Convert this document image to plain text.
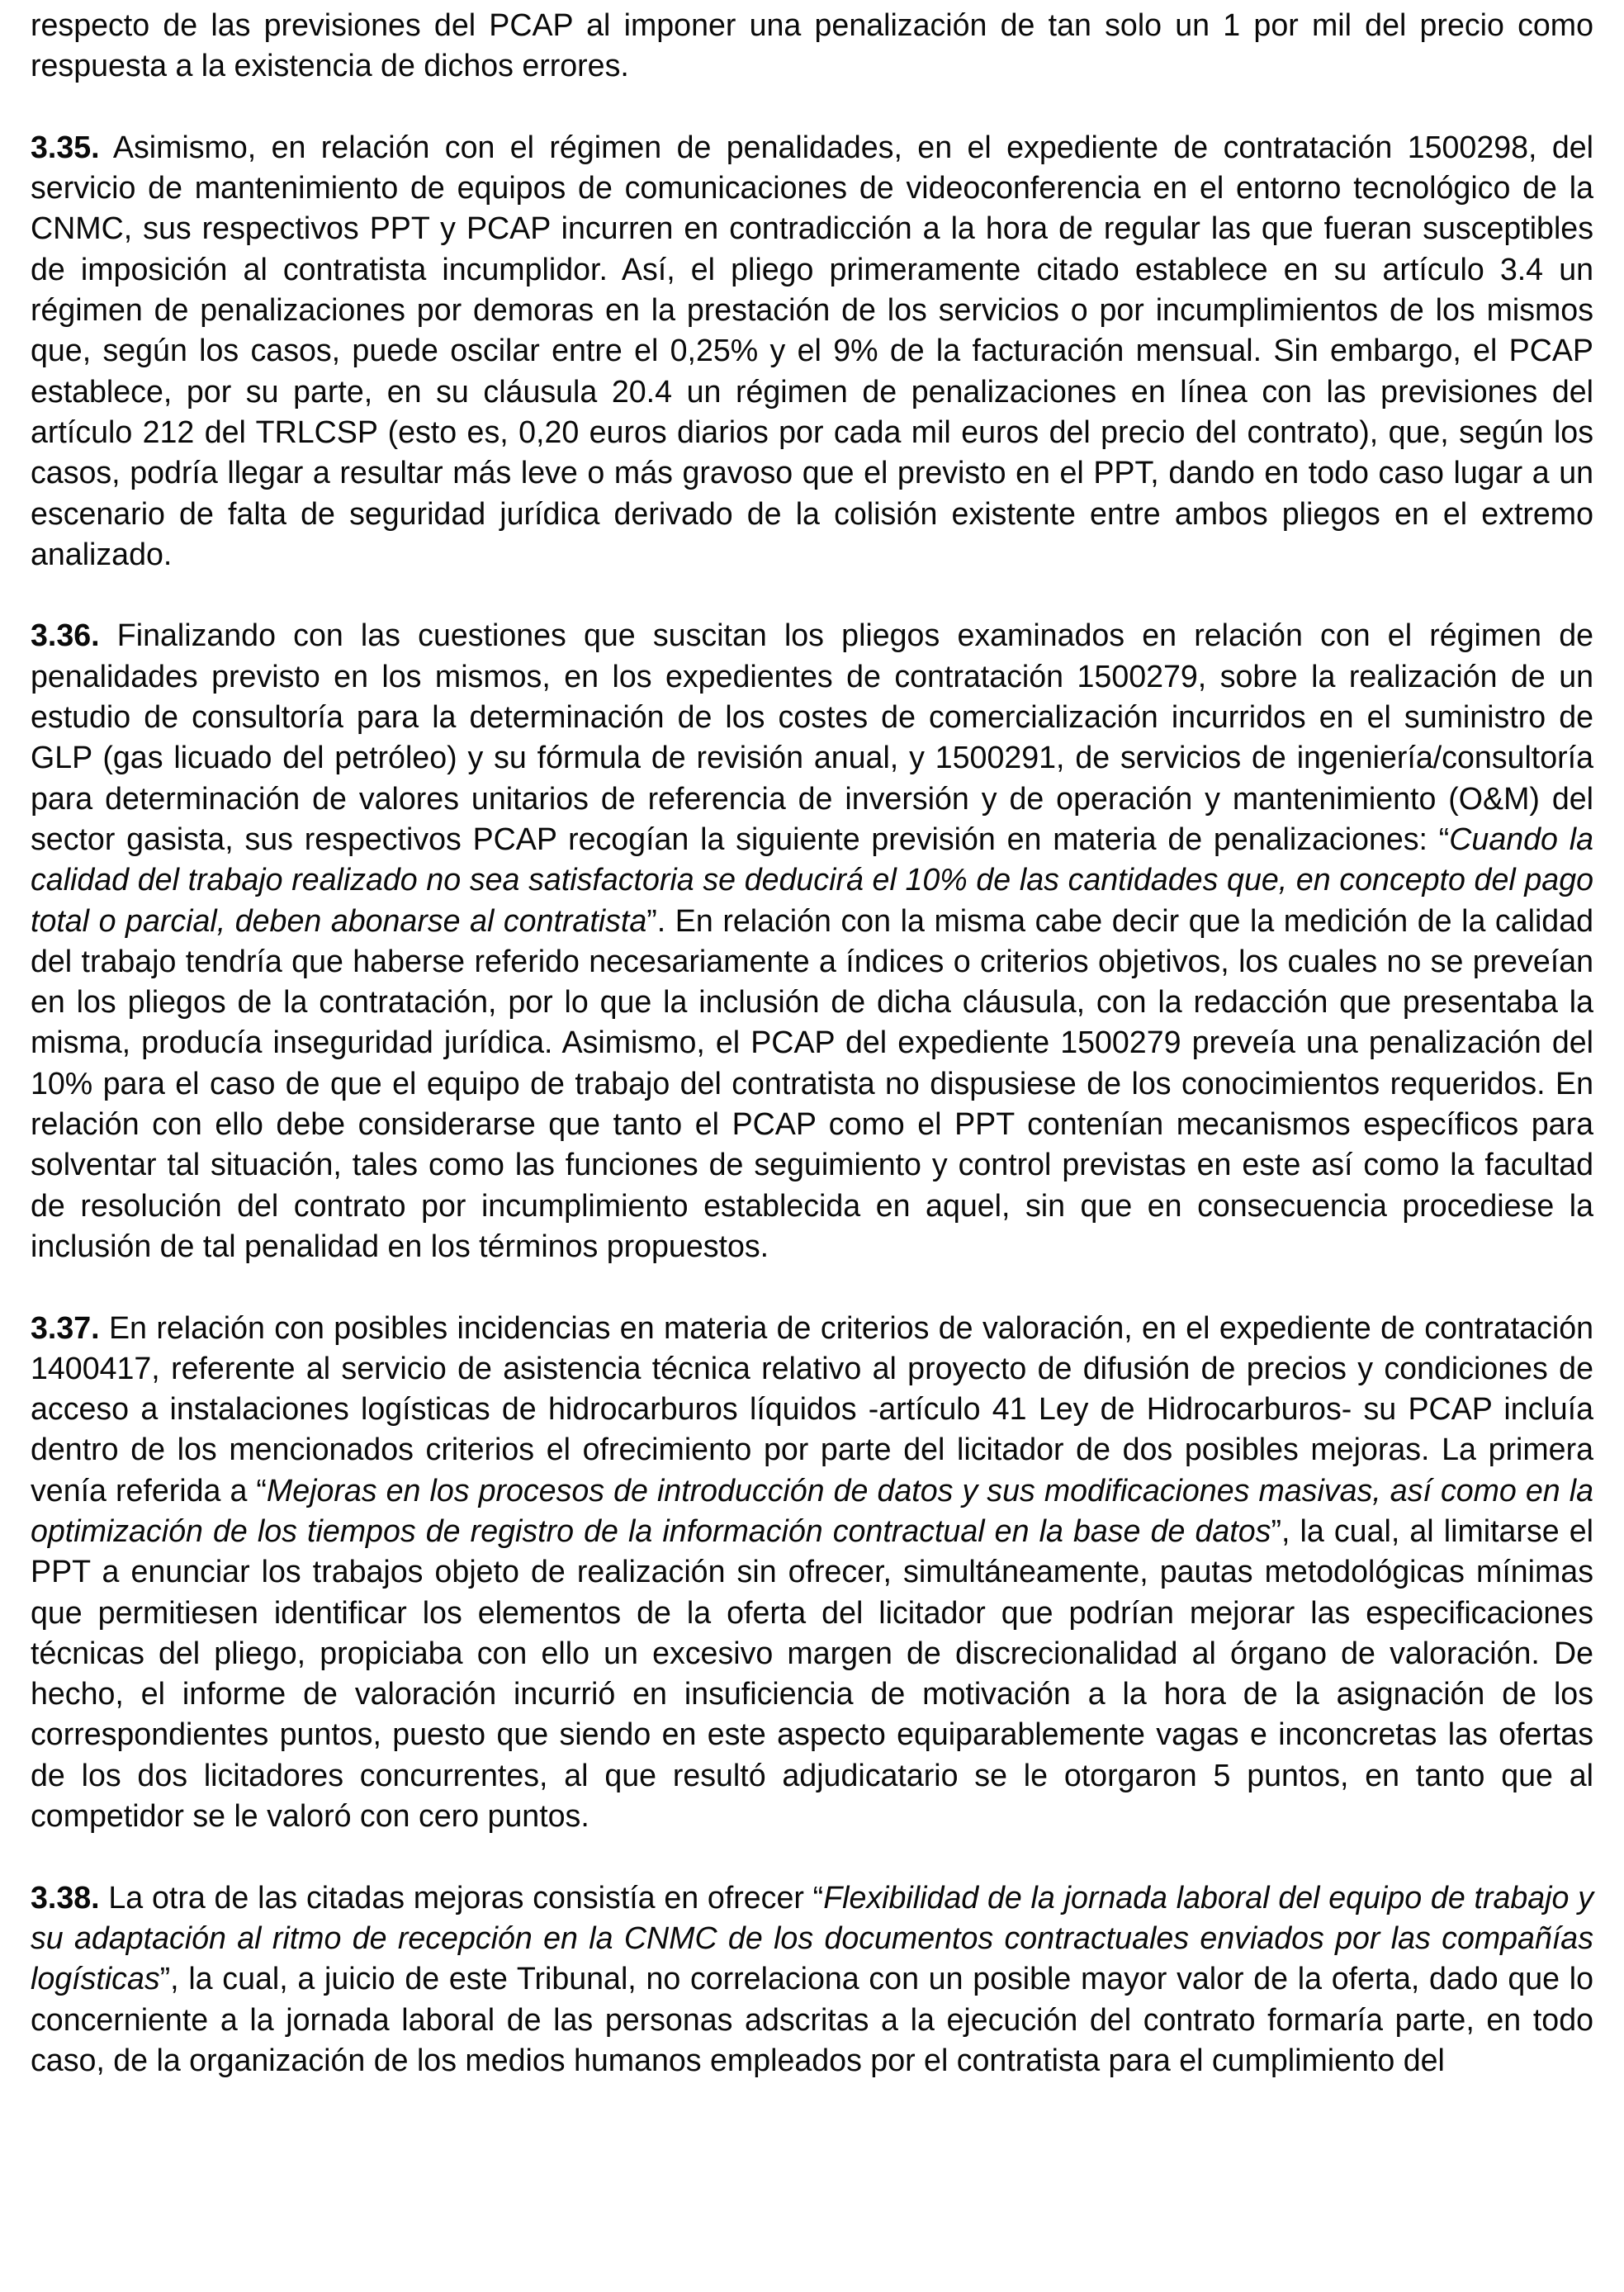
respecto de las previsiones del PCAP al imponer una penalización de tan solo un 1 por mil del precio como respuesta a la existencia de dichos errores.

3.35. Asimismo, en relación con el régimen de penalidades, en el expediente de contratación 1500298, del servicio de mantenimiento de equipos de comunicaciones de videoconferencia en el entorno tecnológico de la CNMC, sus respectivos PPT y PCAP incurren en contradicción a la hora de regular las que fueran susceptibles de imposición al contratista incumplidor. Así, el pliego primeramente citado establece en su artículo 3.4 un régimen de penalizaciones por demoras en la prestación de los servicios o por incumplimientos de los mismos que, según los casos, puede oscilar entre el 0,25% y el 9% de la facturación mensual. Sin embargo, el PCAP establece, por su parte, en su cláusula 20.4 un régimen de penalizaciones en línea con las previsiones del artículo 212 del TRLCSP (esto es, 0,20 euros diarios por cada mil euros del precio del contrato), que, según los casos, podría llegar a resultar más leve o más gravoso que el previsto en el PPT, dando en todo caso lugar a un escenario de falta de seguridad jurídica derivado de la colisión existente entre ambos pliegos en el extremo analizado.

3.36. Finalizando con las cuestiones que suscitan los pliegos examinados en relación con el régimen de penalidades previsto en los mismos, en los expedientes de contratación 1500279, sobre la realización de un estudio de consultoría para la determinación de los costes de comercialización incurridos en el suministro de GLP (gas licuado del petróleo) y su fórmula de revisión anual, y 1500291, de servicios de ingeniería/consultoría para determinación de valores unitarios de referencia de inversión y de operación y mantenimiento (O&M) del sector gasista, sus respectivos PCAP recogían la siguiente previsión en materia de penalizaciones: “Cuando la calidad del trabajo realizado no sea satisfactoria se deducirá el 10% de las cantidades que, en concepto del pago total o parcial, deben abonarse al contratista”. En relación con la misma cabe decir que la medición de la calidad del trabajo tendría que haberse referido necesariamente a índices o criterios objetivos, los cuales no se preveían en los pliegos de la contratación, por lo que la inclusión de dicha cláusula, con la redacción que presentaba la misma, producía inseguridad jurídica. Asimismo, el PCAP del expediente 1500279 preveía una penalización del 10% para el caso de que el equipo de trabajo del contratista no dispusiese de los conocimientos requeridos. En relación con ello debe considerarse que tanto el PCAP como el PPT contenían mecanismos específicos para solventar tal situación, tales como las funciones de seguimiento y control previstas en este así como la facultad de resolución del contrato por incumplimiento establecida en aquel, sin que en consecuencia procediese la inclusión de tal penalidad en los términos propuestos.

3.37. En relación con posibles incidencias en materia de criterios de valoración, en el expediente de contratación 1400417, referente al servicio de asistencia técnica relativo al proyecto de difusión de precios y condiciones de acceso a instalaciones logísticas de hidrocarburos líquidos -artículo 41 Ley de Hidrocarburos- su PCAP incluía dentro de los mencionados criterios el ofrecimiento por parte del licitador de dos posibles mejoras. La primera venía referida a “Mejoras en los procesos de introducción de datos y sus modificaciones masivas, así como en la optimización de los tiempos de registro de la información contractual en la base de datos”, la cual, al limitarse el PPT a enunciar los trabajos objeto de realización sin ofrecer, simultáneamente, pautas metodológicas mínimas que permitiesen identificar los elementos de la oferta del licitador que podrían mejorar las especificaciones técnicas del pliego, propiciaba con ello un excesivo margen de discrecionalidad al órgano de valoración. De hecho, el informe de valoración incurrió en insuficiencia de motivación a la hora de la asignación de los correspondientes puntos, puesto que siendo en este aspecto equiparablemente vagas e inconcretas las ofertas de los dos licitadores concurrentes, al que resultó adjudicatario se le otorgaron 5 puntos, en tanto que al competidor se le valoró con cero puntos.

3.38. La otra de las citadas mejoras consistía en ofrecer “Flexibilidad de la jornada laboral del equipo de trabajo y su adaptación al ritmo de recepción en la CNMC de los documentos contractuales enviados por las compañías logísticas”, la cual, a juicio de este Tribunal, no correlaciona con un posible mayor valor de la oferta, dado que lo concerniente a la jornada laboral de las personas adscritas a la ejecución del contrato formaría parte, en todo caso, de la organización de los medios humanos empleados por el contratista para el cumplimiento del
